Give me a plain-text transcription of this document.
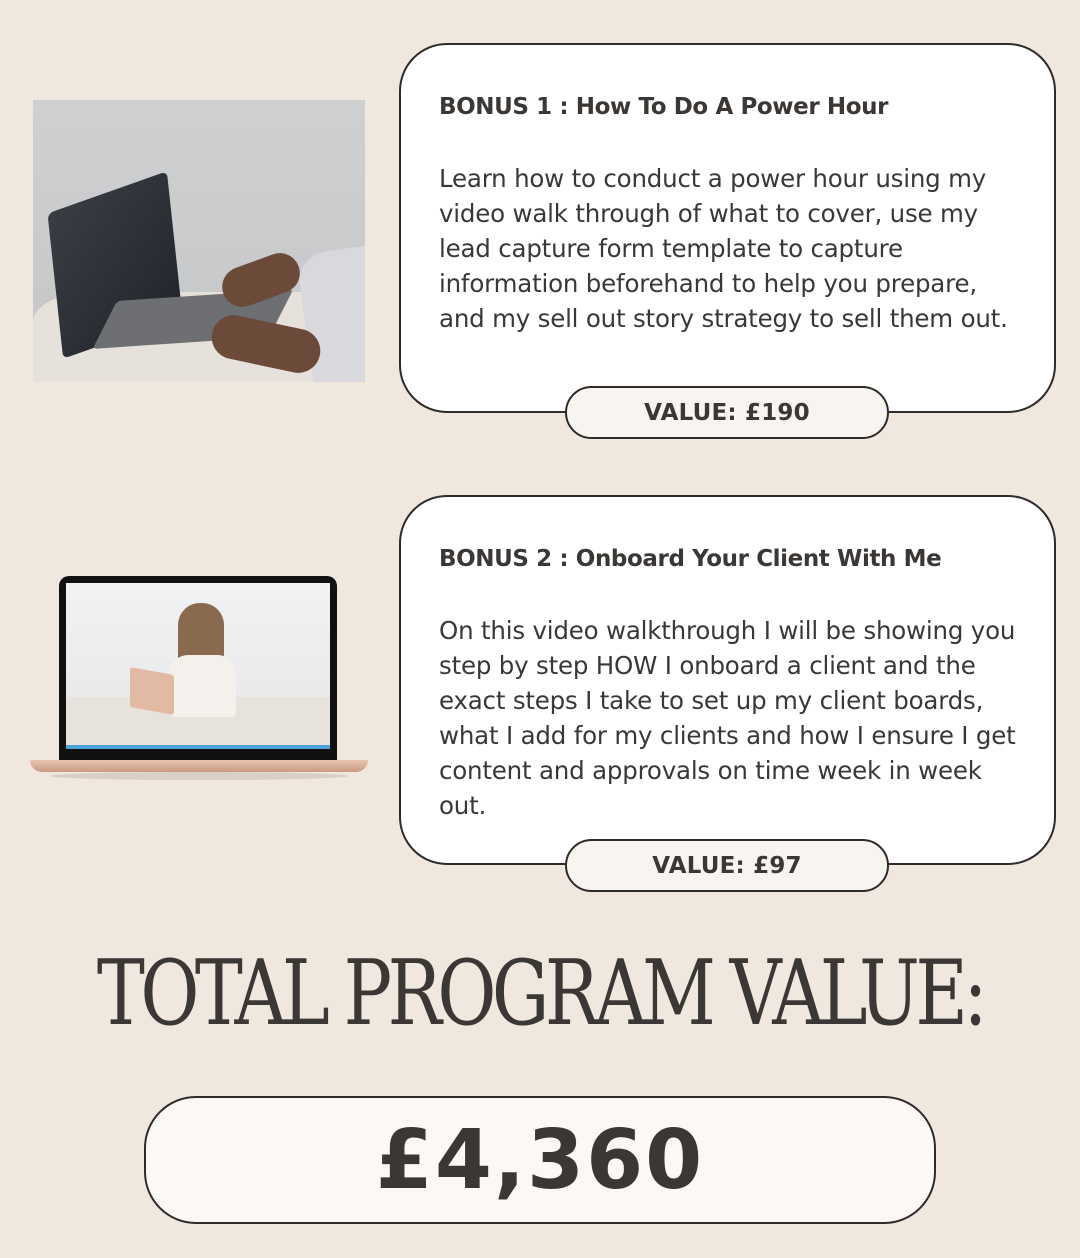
BONUS 1 : How To Do A Power Hour
Learn how to conduct a power hour using my video walk through of what to cover, use my lead capture form template to capture information beforehand to help you prepare, and my sell out story strategy to sell them out.
VALUE: £190
BONUS 2 : Onboard Your Client With Me
On this video walkthrough I will be showing you step by step HOW I onboard a client and the exact steps I take to set up my client boards, what I add for my clients and how I ensure I get content and approvals on time week in week out.
VALUE: £97
TOTAL PROGRAM VALUE:
£4,360
